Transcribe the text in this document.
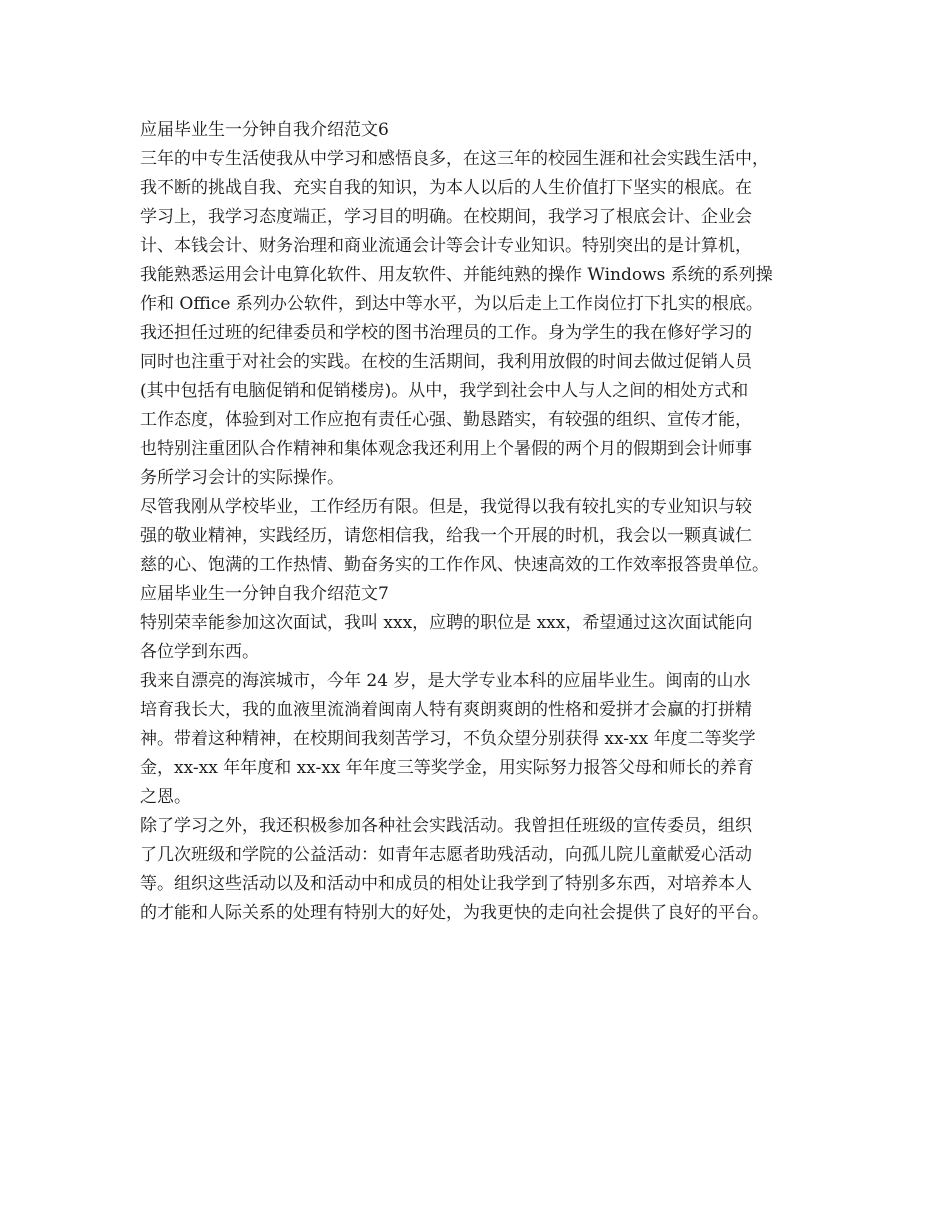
应届毕业生一分钟自我介绍范文6
三年的中专生活使我从中学习和感悟良多，在这三年的校园生涯和社会实践生活中，
我不断的挑战自我、充实自我的知识，为本人以后的人生价值打下坚实的根底。在
学习上，我学习态度端正，学习目的明确。在校期间，我学习了根底会计、企业会
计、本钱会计、财务治理和商业流通会计等会计专业知识。特别突出的是计算机，
我能熟悉运用会计电算化软件、用友软件、并能纯熟的操作 Windows 系统的系列操
作和 Office 系列办公软件，到达中等水平，为以后走上工作岗位打下扎实的根底。
我还担任过班的纪律委员和学校的图书治理员的工作。身为学生的我在修好学习的
同时也注重于对社会的实践。在校的生活期间，我利用放假的时间去做过促销人员
(其中包括有电脑促销和促销楼房)。从中，我学到社会中人与人之间的相处方式和
工作态度，体验到对工作应抱有责任心强、勤恳踏实，有较强的组织、宣传才能，
也特别注重团队合作精神和集体观念我还利用上个暑假的两个月的假期到会计师事
务所学习会计的实际操作。
尽管我刚从学校毕业，工作经历有限。但是，我觉得以我有较扎实的专业知识与较
强的敬业精神，实践经历，请您相信我，给我一个开展的时机，我会以一颗真诚仁
慈的心、饱满的工作热情、勤奋务实的工作作风、快速高效的工作效率报答贵单位。
应届毕业生一分钟自我介绍范文7
特别荣幸能参加这次面试，我叫 xxx，应聘的职位是 xxx，希望通过这次面试能向
各位学到东西。
我来自漂亮的海滨城市，今年 24 岁，是大学专业本科的应届毕业生。闽南的山水
培育我长大，我的血液里流淌着闽南人特有爽朗爽朗的性格和爱拼才会赢的打拼精
神。带着这种精神，在校期间我刻苦学习，不负众望分别获得 xx-xx 年度二等奖学
金，xx-xx 年年度和 xx-xx 年年度三等奖学金，用实际努力报答父母和师长的养育
之恩。
除了学习之外，我还积极参加各种社会实践活动。我曾担任班级的宣传委员，组织
了几次班级和学院的公益活动：如青年志愿者助残活动，向孤儿院儿童献爱心活动
等。组织这些活动以及和活动中和成员的相处让我学到了特别多东西，对培养本人
的才能和人际关系的处理有特别大的好处，为我更快的走向社会提供了良好的平台。
